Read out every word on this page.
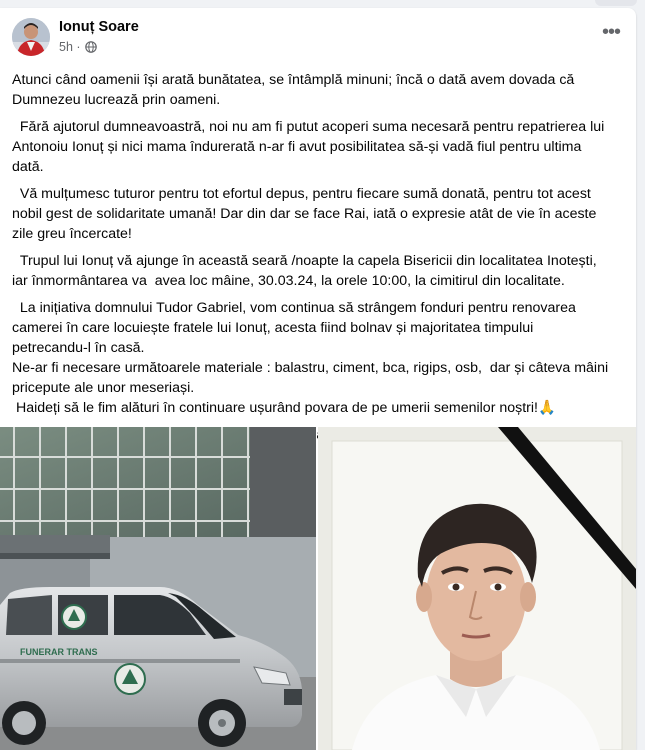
Ionuț Soare
5h ·
•••

Atunci când oamenii își arată bunătatea, se întâmplă minuni; încă o dată avem dovada că Dumnezeu lucrează prin oameni.

Fără ajutorul dumneavoastră, noi nu am fi putut acoperi suma necesară pentru repatrierea lui Antonoiu Ionuț și nici mama îndurerată n-ar fi avut posibilitatea să-și vadă fiul pentru ultima dată.

Vă mulțumesc tuturor pentru tot efortul depus, pentru fiecare sumă donată, pentru tot acest nobil gest de solidaritate umană! Dar din dar se face Rai, iată o expresie atât de vie în aceste zile greu încercate!

Trupul lui Ionuț vă ajunge în această seară /noapte la capela Bisericii din localitatea Inotești, iar înmormântarea va  avea loc mâine, 30.03.24, la orele 10:00, la cimitirul din localitate.

La inițiativa domnului Tudor Gabriel, vom continua să strângem fonduri pentru renovarea camerei în care locuiește fratele lui Ionuț, acesta fiind bolnav și majoritatea timpului petrecandu-l în casă.
Ne-ar fi necesare următoarele materiale : balastru, ciment, bca, rigips, osb,  dar și câteva mâini pricepute ale unor meseriași.
Haideți să le fim alături în continuare ușurând povara de pe umerii semenilor noștri!🙏

să

FUNERAR TRANS
